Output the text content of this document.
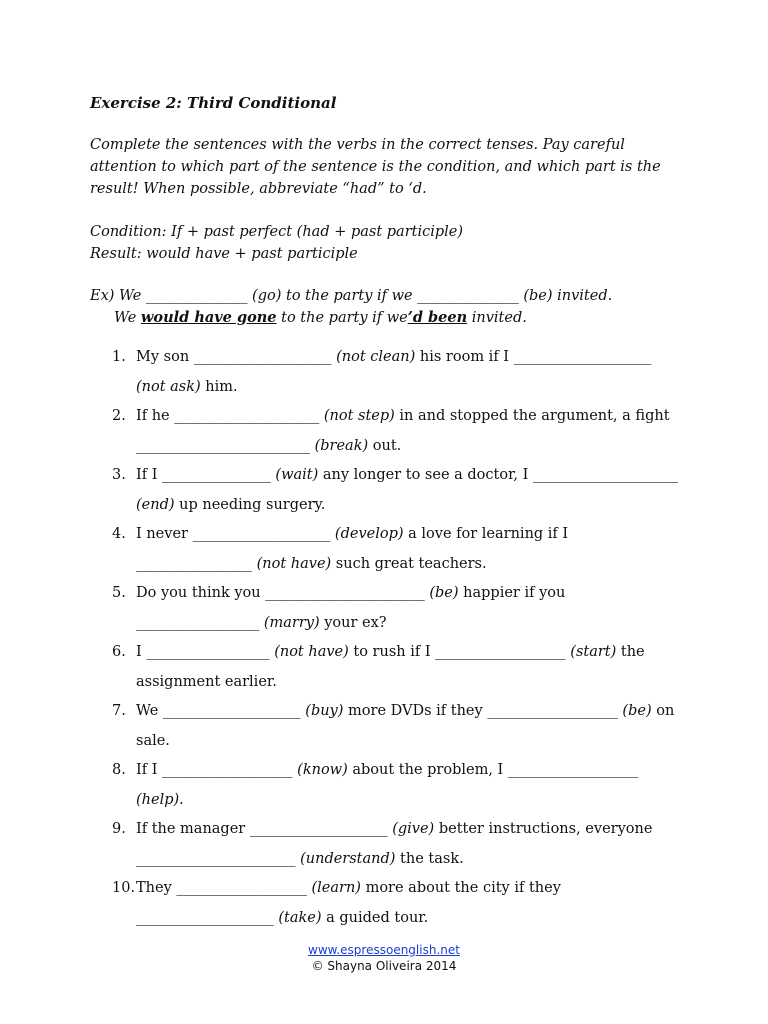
Exercise 2: Third Conditional
Complete the sentences with the verbs in the correct tenses. Pay careful attention to which part of the sentence is the condition, and which part is the result! When possible, abbreviate “had” to ‘d.
Condition: If + past perfect (had + past participle)
Result: would have + past participle
Ex) We ______________ (go) to the party if we ______________ (be) invited.
We would have gone to the party if we’d been invited.
1. My son ___________________ (not clean) his room if I ___________________ (not ask) him.
2. If he ____________________ (not step) in and stopped the argument, a fight ________________________ (break) out.
3. If I _______________ (wait) any longer to see a doctor, I ____________________ (end) up needing surgery.
4. I never ___________________ (develop) a love for learning if I ________________ (not have) such great teachers.
5. Do you think you ______________________ (be) happier if you _________________ (marry) your ex?
6. I _________________ (not have) to rush if I __________________ (start) the assignment earlier.
7. We ___________________ (buy) more DVDs if they __________________ (be) on sale.
8. If I __________________ (know) about the problem, I __________________ (help).
9. If the manager ___________________ (give) better instructions, everyone ______________________ (understand) the task.
10. They __________________ (learn) more about the city if they ___________________ (take) a guided tour.
www.espressoenglish.net
© Shayna Oliveira 2014
